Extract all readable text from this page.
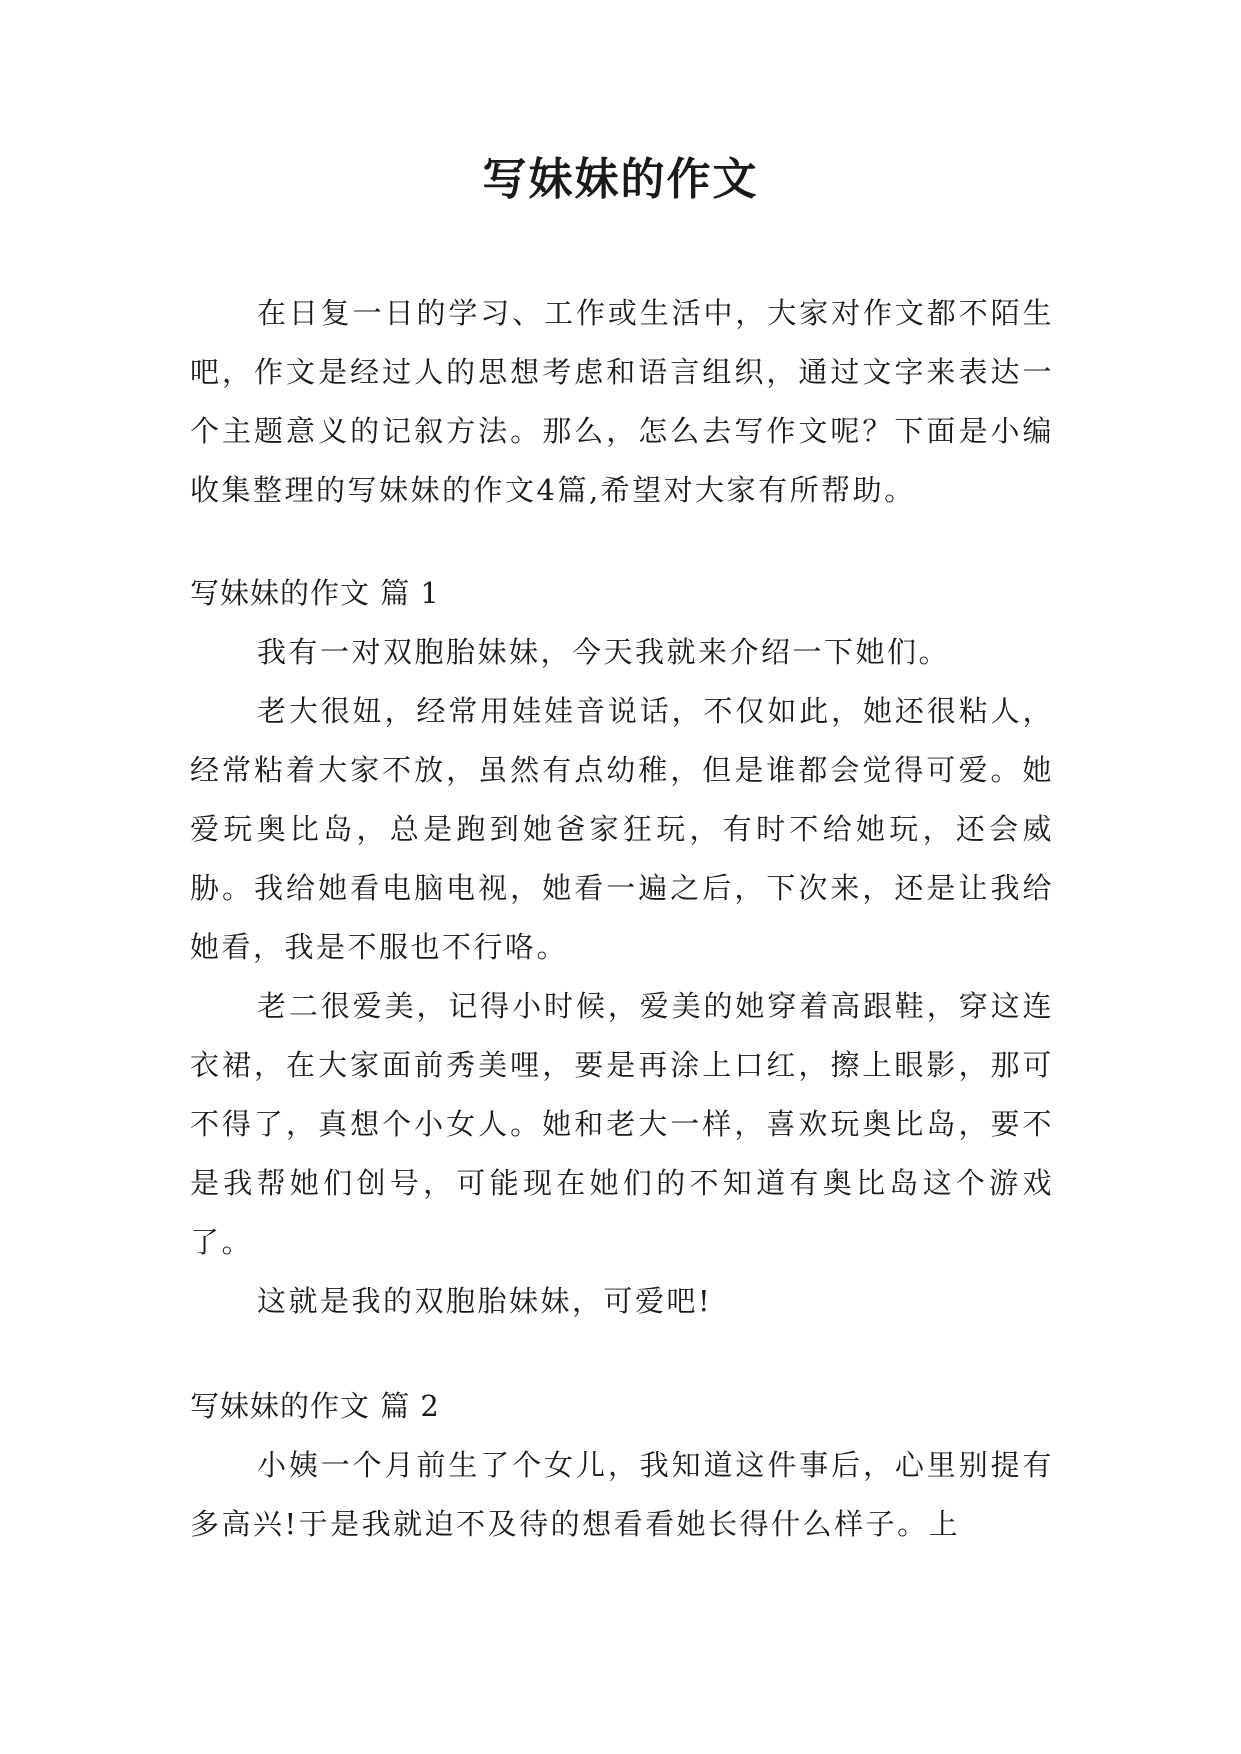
写妹妹的作文

在日复一日的学习、工作或生活中，大家对作文都不陌生吧，作文是经过人的思想考虑和语言组织，通过文字来表达一个主题意义的记叙方法。那么，怎么去写作文呢？下面是小编收集整理的写妹妹的作文4篇,希望对大家有所帮助。

写妹妹的作文 篇 1

我有一对双胞胎妹妹，今天我就来介绍一下她们。

老大很妞，经常用娃娃音说话，不仅如此，她还很粘人，经常粘着大家不放，虽然有点幼稚，但是谁都会觉得可爱。她爱玩奥比岛，总是跑到她爸家狂玩，有时不给她玩，还会威胁。我给她看电脑电视，她看一遍之后，下次来，还是让我给她看，我是不服也不行咯。

老二很爱美，记得小时候，爱美的她穿着高跟鞋，穿这连衣裙，在大家面前秀美哩，要是再涂上口红，擦上眼影，那可不得了，真想个小女人。她和老大一样，喜欢玩奥比岛，要不是我帮她们创号，可能现在她们的不知道有奥比岛这个游戏了。

这就是我的双胞胎妹妹，可爱吧!

写妹妹的作文 篇 2

小姨一个月前生了个女儿，我知道这件事后，心里别提有多高兴!于是我就迫不及待的想看看她长得什么样子。上
